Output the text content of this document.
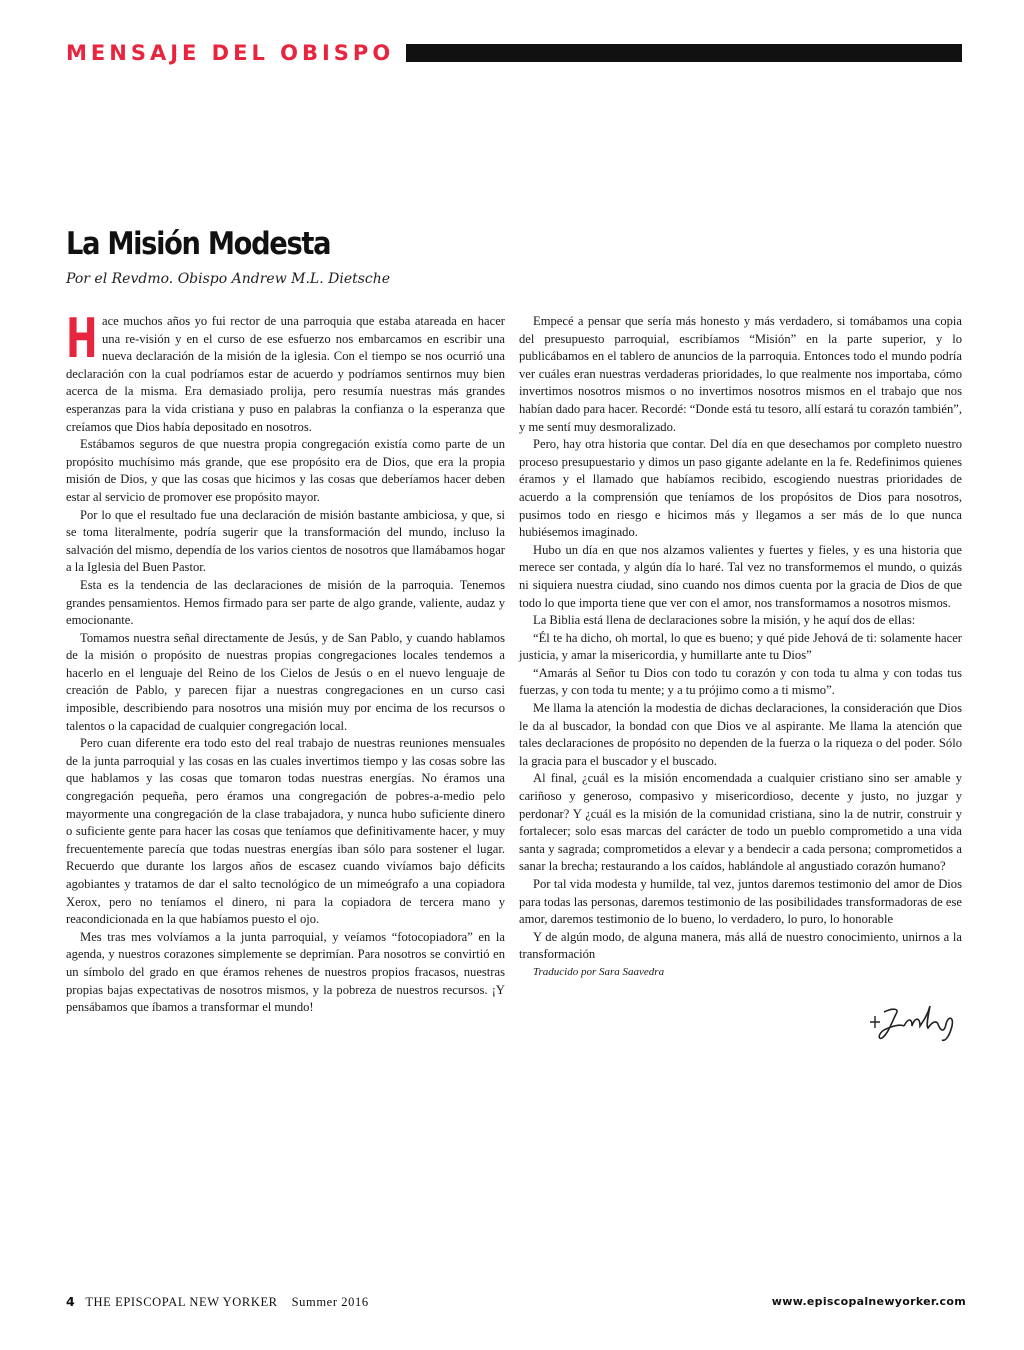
MENSAJE DEL OBISPO
La Misión Modesta
Por el Revdmo. Obispo Andrew M.L. Dietsche

Hace muchos años yo fui rector de una parroquia que estaba atareada en hacer una re-visión y en el curso de ese esfuerzo nos embarcamos en escribir una nueva declaración de la misión de la iglesia. Con el tiempo se nos ocurrió una declaración con la cual podríamos estar de acuerdo y podríamos sentirnos muy bien acerca de la misma. Era demasiado prolija, pero resumía nuestras más grandes esperanzas para la vida cristiana y puso en palabras la confianza o la esperanza que creíamos que Dios había depositado en nosotros.

Estábamos seguros de que nuestra propia congregación existía como parte de un propósito muchísimo más grande, que ese propósito era de Dios, que era la propia misión de Dios, y que las cosas que hicimos y las cosas que deberíamos hacer deben estar al servicio de promover ese propósito mayor.

Por lo que el resultado fue una declaración de misión bastante ambiciosa, y que, si se toma literalmente, podría sugerir que la transformación del mundo, incluso la salvación del mismo, dependía de los varios cientos de nosotros que llamábamos hogar a la Iglesia del Buen Pastor.

Esta es la tendencia de las declaraciones de misión de la parroquia. Tenemos grandes pensamientos. Hemos firmado para ser parte de algo grande, valiente, audaz y emocionante.

Tomamos nuestra señal directamente de Jesús, y de San Pablo, y cuando hablamos de la misión o propósito de nuestras propias congregaciones locales tendemos a hacerlo en el lenguaje del Reino de los Cielos de Jesús o en el nuevo lenguaje de creación de Pablo, y parecen fijar a nuestras congregaciones en un curso casi imposible, describiendo para nosotros una misión muy por encima de los recursos o talentos o la capacidad de cualquier congregación local.

Pero cuan diferente era todo esto del real trabajo de nuestras reuniones mensuales de la junta parroquial y las cosas en las cuales invertimos tiempo y las cosas sobre las que hablamos y las cosas que tomaron todas nuestras energías. No éramos una congregación pequeña, pero éramos una congregación de pobres-a-medio pelo mayormente una congregación de la clase trabajadora, y nunca hubo suficiente dinero o suficiente gente para hacer las cosas que teníamos que definitivamente hacer, y muy frecuentemente parecía que todas nuestras energías iban sólo para sostener el lugar. Recuerdo que durante los largos años de escasez cuando vivíamos bajo déficits agobiantes y tratamos de dar el salto tecnológico de un mimeógrafo a una copiadora Xerox, pero no teníamos el dinero, ni para la copiadora de tercera mano y reacondicionada en la que habíamos puesto el ojo.

Mes tras mes volvíamos a la junta parroquial, y veíamos “fotocopiadora” en la agenda, y nuestros corazones simplemente se deprimían. Para nosotros se convirtió en un símbolo del grado en que éramos rehenes de nuestros propios fracasos, nuestras propias bajas expectativas de nosotros mismos, y la pobreza de nuestros recursos. ¡Y pensábamos que íbamos a transformar el mundo!

Empecé a pensar que sería más honesto y más verdadero, si tomábamos una copia del presupuesto parroquial, escribíamos “Misión” en la parte superior, y lo publicábamos en el tablero de anuncios de la parroquia. Entonces todo el mundo podría ver cuáles eran nuestras verdaderas prioridades, lo que realmente nos importaba, cómo invertimos nosotros mismos o no invertimos nosotros mismos en el trabajo que nos habían dado para hacer. Recordé: “Donde está tu tesoro, allí estará tu corazón también”, y me sentí muy desmoralizado.

Pero, hay otra historia que contar. Del día en que desechamos por completo nuestro proceso presupuestario y dimos un paso gigante adelante en la fe. Redefinimos quienes éramos y el llamado que habíamos recibido, escogiendo nuestras prioridades de acuerdo a la comprensión que teníamos de los propósitos de Dios para nosotros, pusimos todo en riesgo e hicimos más y llegamos a ser más de lo que nunca hubiésemos imaginado.

Hubo un día en que nos alzamos valientes y fuertes y fieles, y es una historia que merece ser contada, y algún día lo haré. Tal vez no transformemos el mundo, o quizás ni siquiera nuestra ciudad, sino cuando nos dimos cuenta por la gracia de Dios de que todo lo que importa tiene que ver con el amor, nos transformamos a nosotros mismos.

La Biblia está llena de declaraciones sobre la misión, y he aquí dos de ellas:

“Él te ha dicho, oh mortal, lo que es bueno; y qué pide Jehová de ti: solamente hacer justicia, y amar la misericordia, y humillarte ante tu Dios”

“Amarás al Señor tu Dios con todo tu corazón y con toda tu alma y con todas tus fuerzas, y con toda tu mente; y a tu prójimo como a ti mismo”.

Me llama la atención la modestia de dichas declaraciones, la consideración que Dios le da al buscador, la bondad con que Dios ve al aspirante. Me llama la atención que tales declaraciones de propósito no dependen de la fuerza o la riqueza o del poder. Sólo la gracia para el buscador y el buscado.

Al final, ¿cuál es la misión encomendada a cualquier cristiano sino ser amable y cariñoso y generoso, compasivo y misericordioso, decente y justo, no juzgar y perdonar? Y ¿cuál es la misión de la comunidad cristiana, sino la de nutrir, construir y fortalecer; solo esas marcas del carácter de todo un pueblo comprometido a una vida santa y sagrada; comprometidos a elevar y a bendecir a cada persona; comprometidos a sanar la brecha; restaurando a los caídos, hablándole al angustiado corazón humano?

Por tal vida modesta y humilde, tal vez, juntos daremos testimonio del amor de Dios para todas las personas, daremos testimonio de las posibilidades transformadoras de ese amor, daremos testimonio de lo bueno, lo verdadero, lo puro, lo honorable

Y de algún modo, de alguna manera, más allá de nuestro conocimiento, unirnos a la transformación

Traducido por Sara Saavedra

4 THE EPISCOPAL NEW YORKER Summer 2016	www.episcopalnewyorker.com
